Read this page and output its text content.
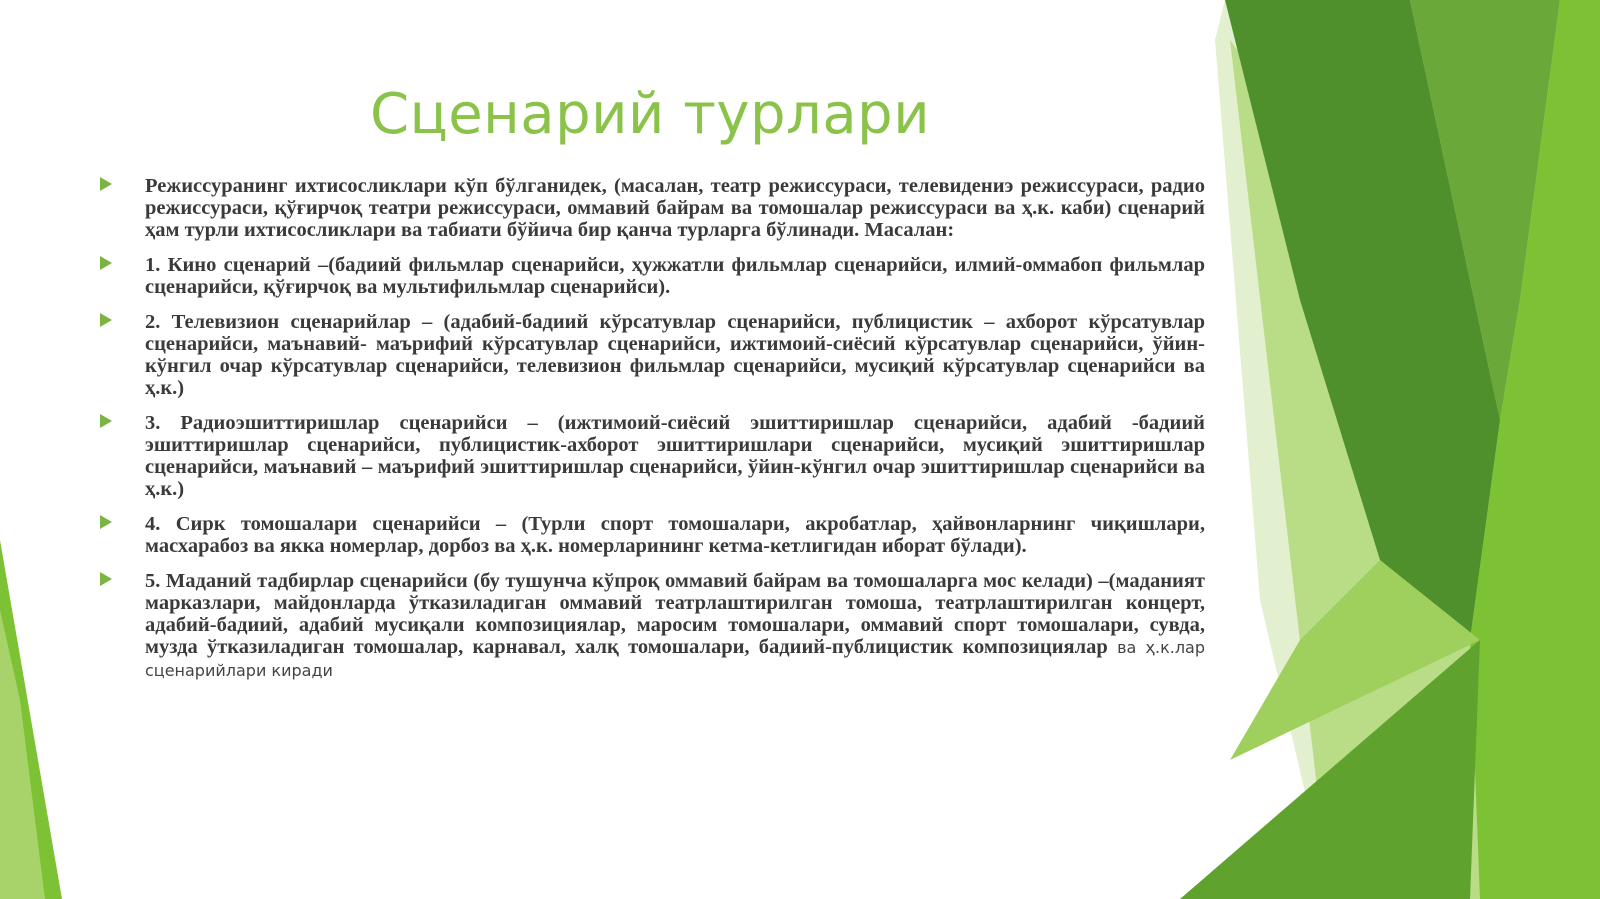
Сценарий турлари

Режиссуранинг ихтисосликлари кўп бўлганидек, (масалан, театр режиссураси, телевидениэ режиссураси, радио режиссураси, қўғирчоқ театри режиссураси, оммавий байрам ва томошалар режиссураси ва ҳ.к. каби) сценарий ҳам турли ихтисосликлари ва табиати бўйича бир қанча турларга бўлинади. Масалан:

1. Кино сценарий –(бадиий фильмлар сценарийси, ҳужжатли фильмлар сценарийси, илмий-оммабоп фильмлар сценарийси, қўғирчоқ ва мультифильмлар сценарийси).

2. Телевизион сценарийлар – (адабий-бадиий кўрсатувлар сценарийси, публицистик – ахборот кўрсатувлар сценарийси, маънавий- маърифий кўрсатувлар сценарийси, ижтимоий-сиёсий кўрсатувлар сценарийси, ўйин-кўнгил очар кўрсатувлар сценарийси, телевизион фильмлар сценарийси, мусиқий кўрсатувлар сценарийси ва ҳ.к.)

3. Радиоэшиттиришлар сценарийси – (ижтимоий-сиёсий эшиттиришлар сценарийси, адабий -бадиий эшиттиришлар сценарийси, публицистик-ахборот эшиттиришлари сценарийси, мусиқий эшиттиришлар сценарийси, маънавий – маърифий эшиттиришлар сценарийси, ўйин-кўнгил очар эшиттиришлар сценарийси ва ҳ.к.)

4. Сирк томошалари сценарийси – (Турли спорт томошалари, акробатлар, ҳайвонларнинг чиқишлари, масхарабоз ва якка номерлар, дорбоз ва ҳ.к. номерларининг кетма-кетлигидан иборат бўлади).

5. Маданий тадбирлар сценарийси (бу тушунча кўпроқ оммавий байрам ва томошаларга мос келади) –(маданият марказлари, майдонларда ўтказиладиган оммавий театрлаштирилган томоша, театрлаштирилган концерт, адабий-бадиий, адабий мусиқали композициялар, маросим томошалари, оммавий спорт томошалари, сувда, музда ўтказиладиган томошалар, карнавал, халқ томошалари, бадиий-публицистик композициялар ва ҳ.к.лар сценарийлари киради
